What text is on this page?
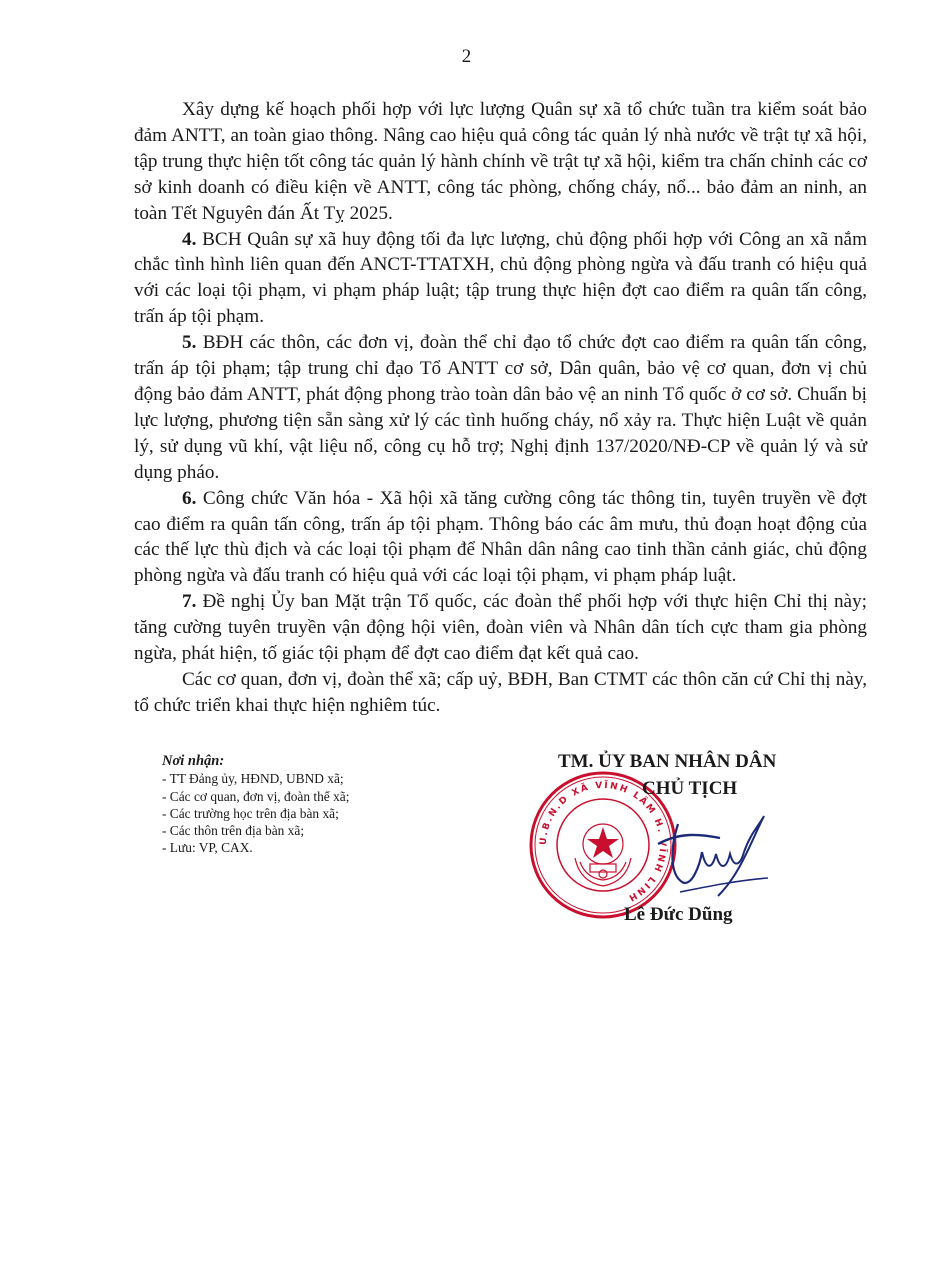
2

Xây dựng kế hoạch phối hợp với lực lượng Quân sự xã tổ chức tuần tra kiểm soát bảo đảm ANTT, an toàn giao thông. Nâng cao hiệu quả công tác quản lý nhà nước về trật tự xã hội, tập trung thực hiện tốt công tác quản lý hành chính về trật tự xã hội, kiểm tra chấn chỉnh các cơ sở kinh doanh có điều kiện về ANTT, công tác phòng, chống cháy, nổ... bảo đảm an ninh, an toàn Tết Nguyên đán Ất Tỵ 2025.

4. BCH Quân sự xã huy động tối đa lực lượng, chủ động phối hợp với Công an xã nắm chắc tình hình liên quan đến ANCT-TTATXH, chủ động phòng ngừa và đấu tranh có hiệu quả với các loại tội phạm, vi phạm pháp luật; tập trung thực hiện đợt cao điểm ra quân tấn công, trấn áp tội phạm.

5. BĐH các thôn, các đơn vị, đoàn thể chỉ đạo tổ chức đợt cao điểm ra quân tấn công, trấn áp tội phạm; tập trung chỉ đạo Tổ ANTT cơ sở, Dân quân, bảo vệ cơ quan, đơn vị chủ động bảo đảm ANTT, phát động phong trào toàn dân bảo vệ an ninh Tổ quốc ở cơ sở. Chuẩn bị lực lượng, phương tiện sẵn sàng xử lý các tình huống cháy, nổ xảy ra. Thực hiện Luật về quản lý, sử dụng vũ khí, vật liệu nổ, công cụ hỗ trợ; Nghị định 137/2020/NĐ-CP về quản lý và sử dụng pháo.

6. Công chức Văn hóa - Xã hội xã tăng cường công tác thông tin, tuyên truyền về đợt cao điểm ra quân tấn công, trấn áp tội phạm. Thông báo các âm mưu, thủ đoạn hoạt động của các thế lực thù địch và các loại tội phạm để Nhân dân nâng cao tinh thần cảnh giác, chủ động phòng ngừa và đấu tranh có hiệu quả với các loại tội phạm, vi phạm pháp luật.

7. Đề nghị Ủy ban Mặt trận Tổ quốc, các đoàn thể phối hợp với thực hiện Chỉ thị này; tăng cường tuyên truyền vận động hội viên, đoàn viên và Nhân dân tích cực tham gia phòng ngừa, phát hiện, tố giác tội phạm để đợt cao điểm đạt kết quả cao.

Các cơ quan, đơn vị, đoàn thể xã; cấp uỷ, BĐH, Ban CTMT các thôn căn cứ Chỉ thị này, tổ chức triển khai thực hiện nghiêm túc.

Nơi nhận:
- TT Đảng ủy, HĐND, UBND xã;
- Các cơ quan, đơn vị, đoàn thể xã;
- Các trường học trên địa bàn xã;
- Các thôn trên địa bàn xã;
- Lưu: VP, CAX.
U.B.N.D XÃ VĨNH LÂM H. VĨNH LINH
TM. ỦY BAN NHÂN DÂN
CHỦ TỊCH
Lê Đức Dũng
